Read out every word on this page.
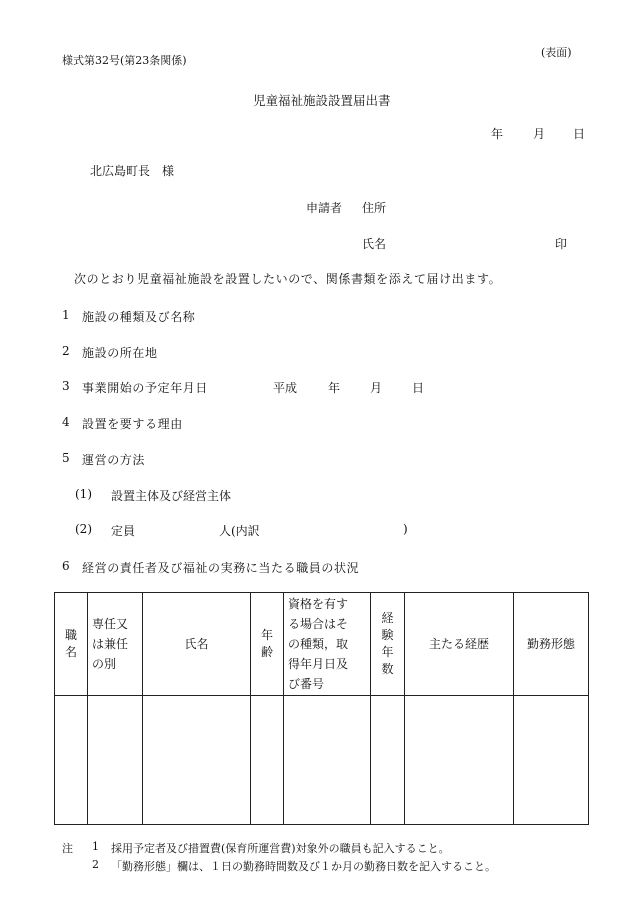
様式第32号(第23条関係)
(表面)
児童福祉施設設置届出書
年 月 日
北広島町長　様
申請者 住所
氏名	印
次のとおり児童福祉施設を設置したいので、関係書類を添えて届け出ます。
1 施設の種類及び名称
2 施設の所在地
3 事業開始の予定年月日	平成	年 月 日
4 設置を要する理由
5 運営の方法
(1) 設置主体及び経営主体
(2) 定員	人(内訳	)
6 経営の責任者及び福祉の実務に当たる職員の状況
職
名	専任又
は兼任
の別	氏名	年
齢	資格を有す
る場合はそ
の種類，取
得年月日及
び番号	経
験
年
数	主たる経歴	勤務形態

注 1 採用予定者及び措置費(保育所運営費)対象外の職員も記入すること。
2 「勤務形態」欄は、１日の勤務時間数及び１か月の勤務日数を記入すること。
